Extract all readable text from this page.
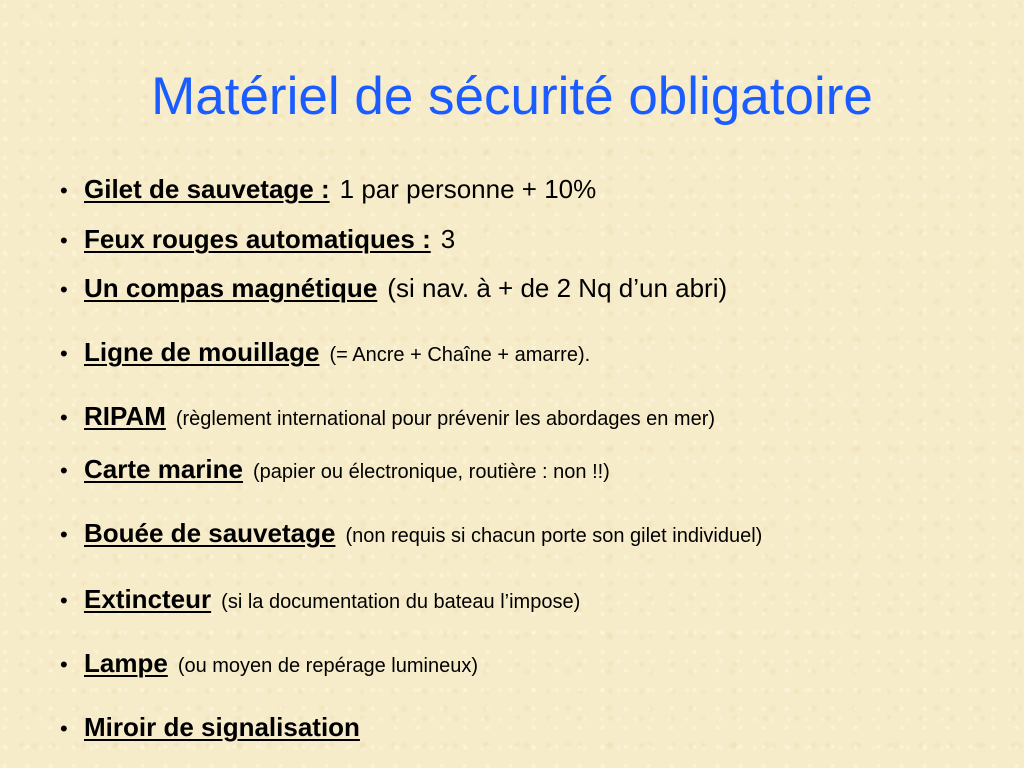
Matériel de sécurité obligatoire
• Gilet de sauvetage : 1 par personne + 10%
• Feux rouges automatiques : 3
• Un compas magnétique (si nav. à + de 2 Nq d’un abri)
• Ligne de mouillage (= Ancre + Chaîne + amarre).
• RIPAM (règlement international pour prévenir les abordages en mer)
• Carte marine (papier ou électronique, routière : non !!)
• Bouée de sauvetage (non requis si chacun porte son gilet individuel)
• Extincteur (si la documentation du bateau l’impose)
• Lampe (ou moyen de repérage lumineux)
• Miroir de signalisation
